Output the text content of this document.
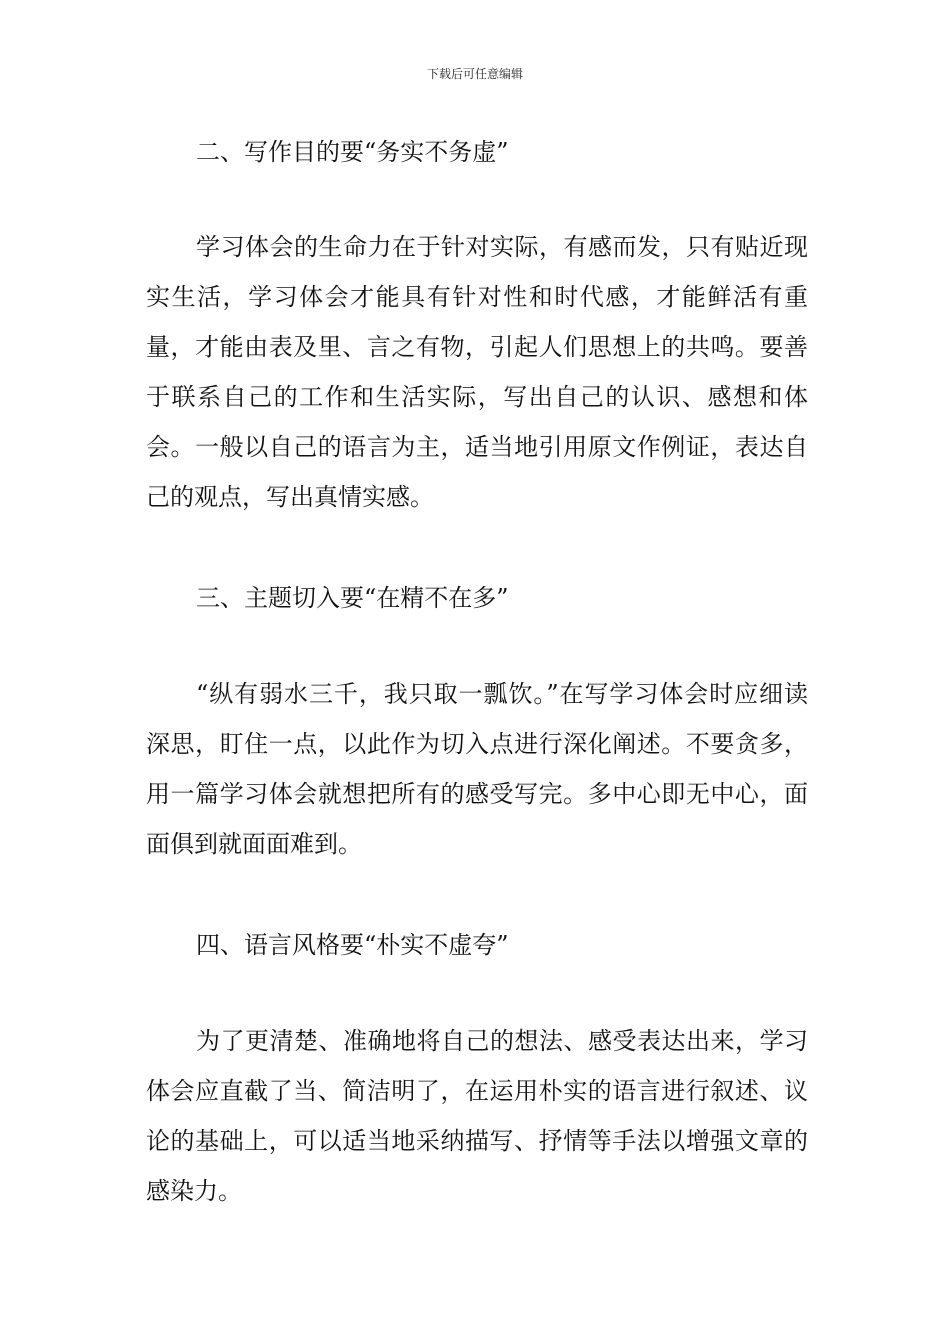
下载后可任意编辑
二、写作目的要“务实不务虚”
学习体会的生命力在于针对实际，有感而发，只有贴近现实生活，学习体会才能具有针对性和时代感，才能鲜活有重量，才能由表及里、言之有物，引起人们思想上的共鸣。要善于联系自己的工作和生活实际，写出自己的认识、感想和体会。一般以自己的语言为主，适当地引用原文作例证，表达自己的观点，写出真情实感。
三、主题切入要“在精不在多”
“纵有弱水三千，我只取一瓢饮。”在写学习体会时应细读深思，盯住一点，以此作为切入点进行深化阐述。不要贪多，用一篇学习体会就想把所有的感受写完。多中心即无中心，面面俱到就面面难到。
四、语言风格要“朴实不虚夸”
为了更清楚、准确地将自己的想法、感受表达出来，学习体会应直截了当、简洁明了，在运用朴实的语言进行叙述、议论的基础上，可以适当地采纳描写、抒情等手法以增强文章的感染力。
